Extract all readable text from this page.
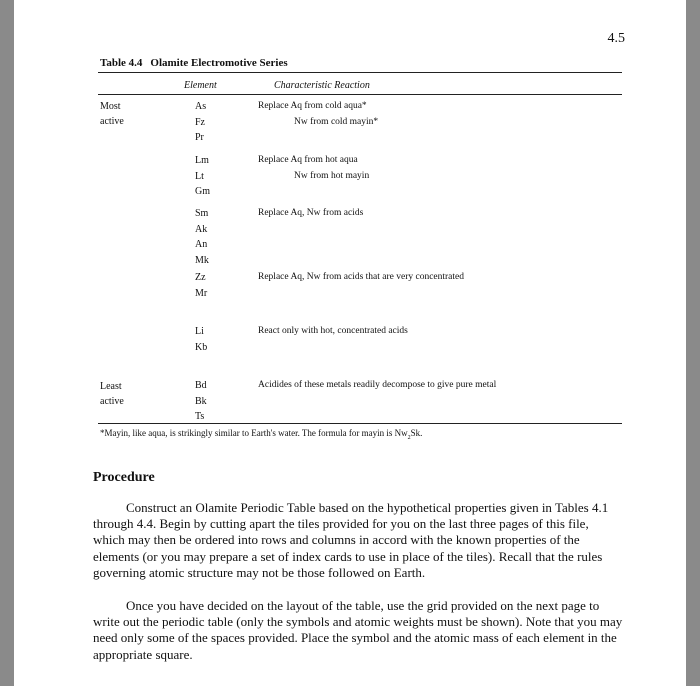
4.5
Table 4.4 Olamite Electromotive Series
Element	Characteristic Reaction
Most
active
Least
active
As
Fz
Pr
Replace Aq from cold aqua*
Nw from cold mayin*
Lm
Lt
Gm
Replace Aq from hot aqua
Nw from hot mayin
Sm
Ak
An
Mk
Replace Aq, Nw from acids
Zz
Mr
Replace Aq, Nw from acids that are very concentrated
Li
Kb
React only with hot, concentrated acids
Bd
Bk
Ts
Acidides of these metals readily decompose to give pure metal
*Mayin, like aqua, is strikingly similar to Earth's water. The formula for mayin is $Nw_2Sk$.
Procedure
Construct an Olamite Periodic Table based on the hypothetical properties given in Tables 4.1 through 4.4. Begin by cutting apart the tiles provided for you on the last three pages of this file, which may then be ordered into rows and columns in accord with the known properties of the elements (or you may prepare a set of index cards to use in place of the tiles). Recall that the rules governing atomic structure may not be those followed on Earth.
Once you have decided on the layout of the table, use the grid provided on the next page to write out the periodic table (only the symbols and atomic weights must be shown). Note that you may need only some of the spaces provided. Place the symbol and the atomic mass of each element in the appropriate square.
